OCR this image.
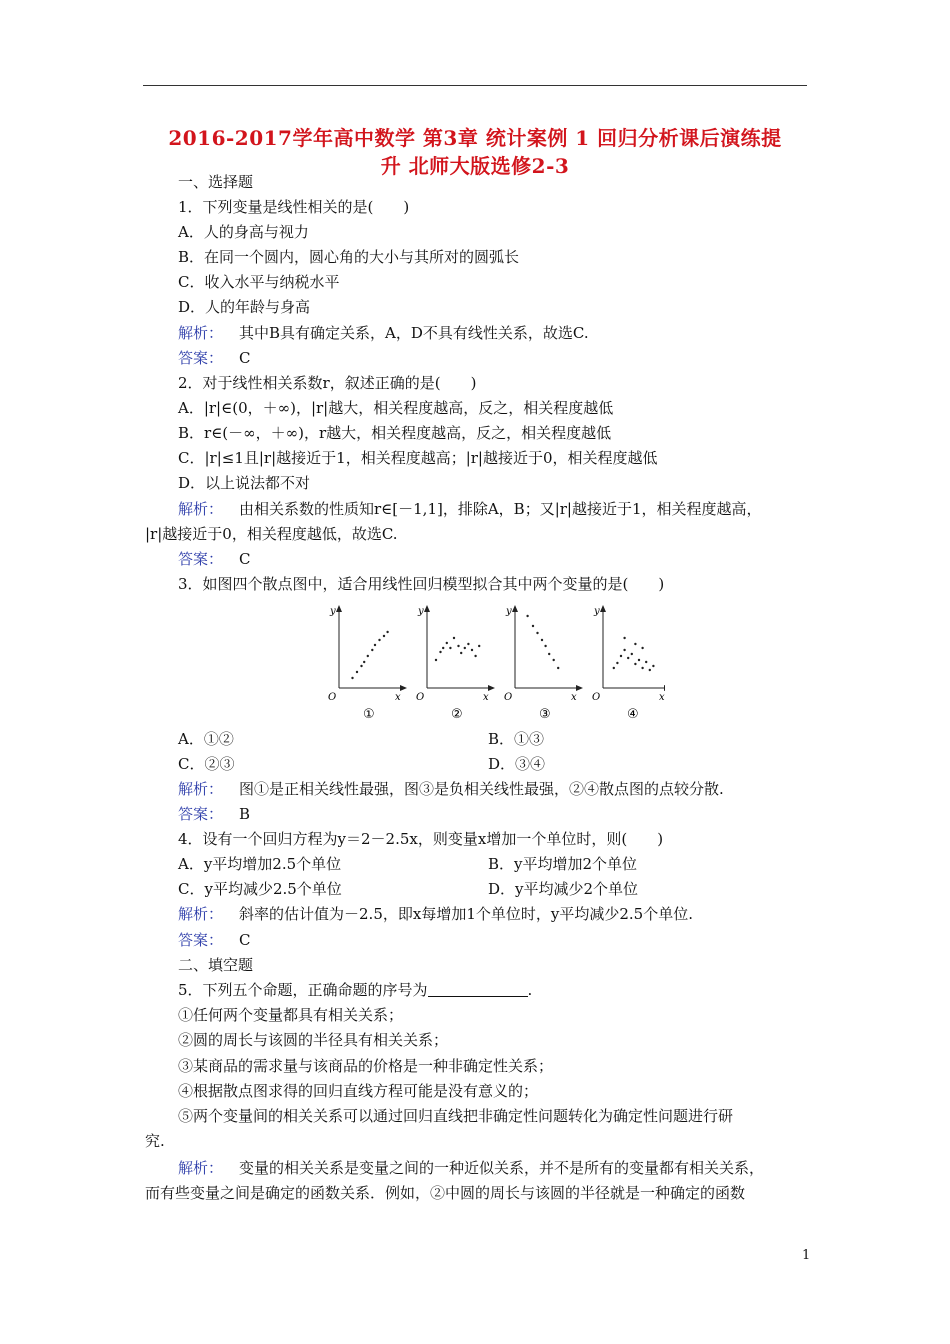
2016-2017学年高中数学 第3章 统计案例 1 回归分析课后演练提
升 北师大版选修2-3
一、选择题
1．下列变量是线性相关的是(　　)
A．人的身高与视力
B．在同一个圆内，圆心角的大小与其所对的圆弧长
C．收入水平与纳税水平
D．人的年龄与身高
解析： 其中B具有确定关系，A，D不具有线性关系，故选C.
答案： C
2．对于线性相关系数r，叙述正确的是(　　)
A．|r|∈(0，＋∞)，|r|越大，相关程度越高，反之，相关程度越低
B．r∈(－∞，＋∞)，r越大，相关程度越高，反之，相关程度越低
C．|r|≤1且|r|越接近于1，相关程度越高；|r|越接近于0，相关程度越低
D．以上说法都不对
解析： 由相关系数的性质知r∈[－1,1]，排除A，B；又|r|越接近于1，相关程度越高，
|r|越接近于0，相关程度越低，故选C.
答案： C
3．如图四个散点图中，适合用线性回归模型拟合其中两个变量的是(　　)
y
x
O
①
y
x
O
②
y
x
O
③
y
x
O
④
A．①②	B．①③
C．②③	D．③④
解析： 图①是正相关线性最强，图③是负相关线性最强，②④散点图的点较分散.
答案： B
4．设有一个回归方程为y＝2－2.5x，则变量x增加一个单位时，则(　　)
A．y平均增加2.5个单位	B．y平均增加2个单位
C．y平均减少2.5个单位	D．y平均减少2个单位
解析： 斜率的估计值为－2.5，即x每增加1个单位时，y平均减少2.5个单位.
答案： C
二、填空题
5．下列五个命题，正确命题的序号为	.
①任何两个变量都具有相关关系；
②圆的周长与该圆的半径具有相关关系；
③某商品的需求量与该商品的价格是一种非确定性关系；
④根据散点图求得的回归直线方程可能是没有意义的；
⑤两个变量间的相关关系可以通过回归直线把非确定性问题转化为确定性问题进行研
究.
解析： 变量的相关关系是变量之间的一种近似关系，并不是所有的变量都有相关关系，
而有些变量之间是确定的函数关系．例如，②中圆的周长与该圆的半径就是一种确定的函数
1
